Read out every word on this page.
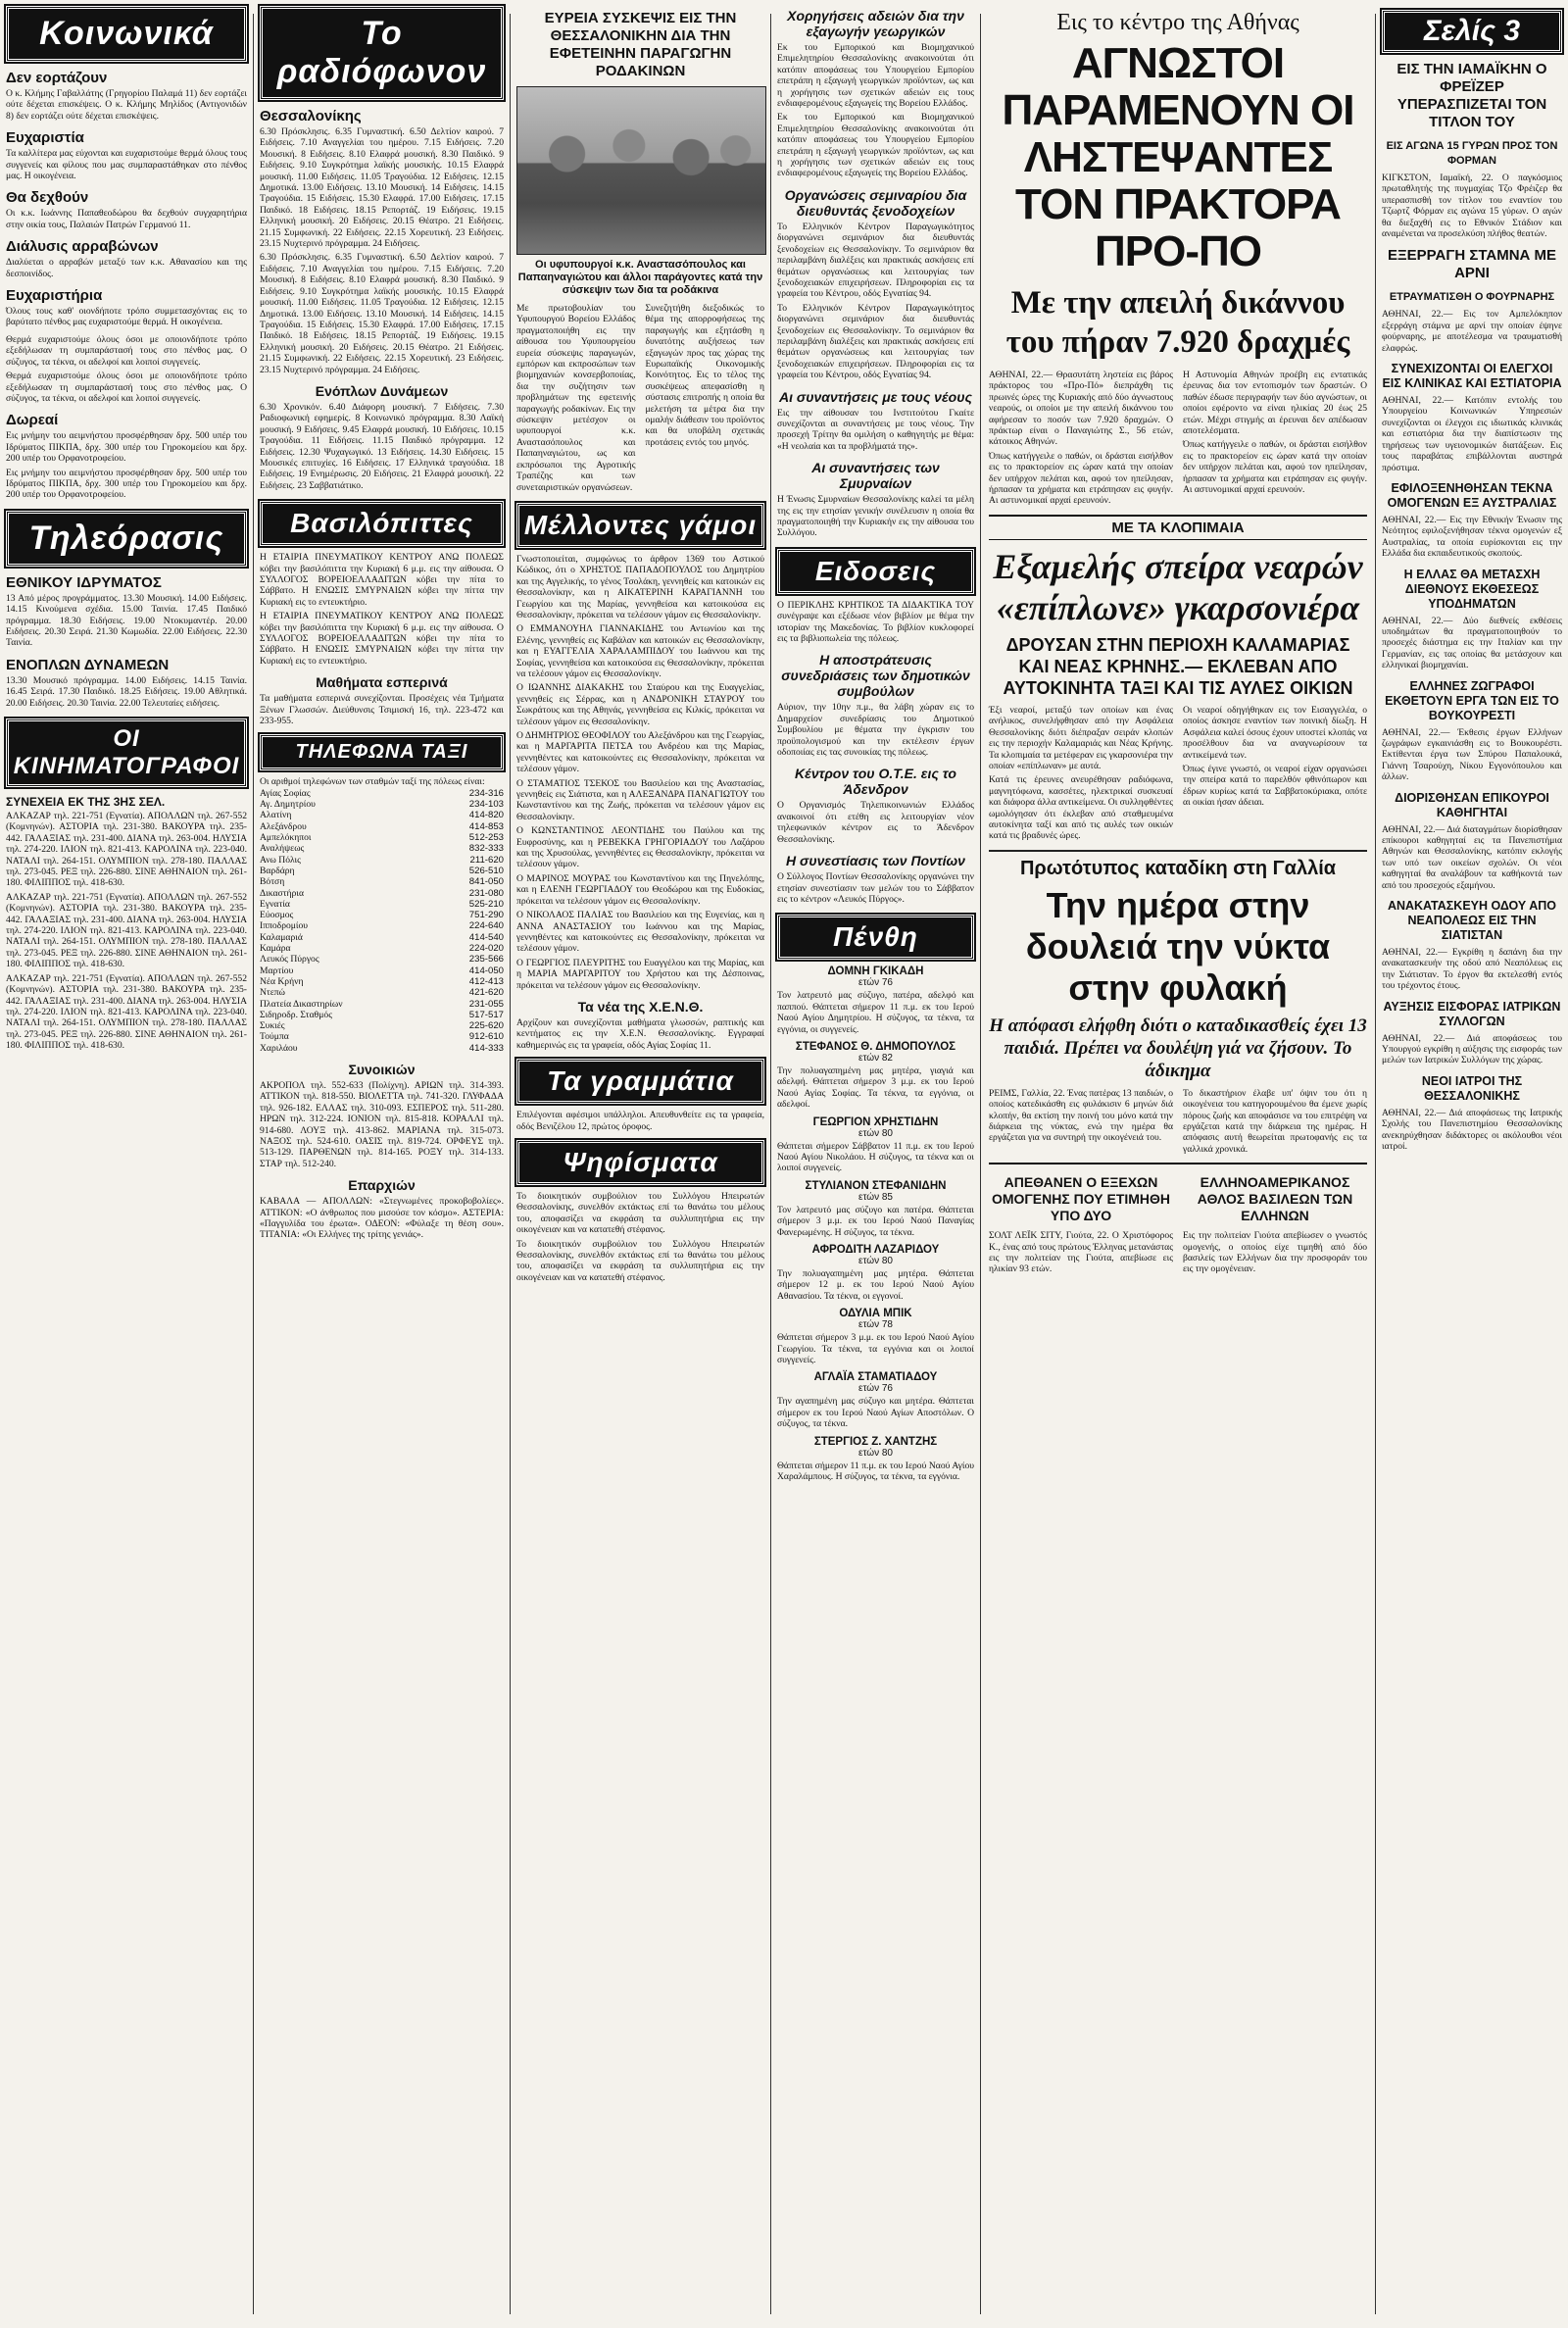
Κοινωνικά
Δεν εορτάζουν

Ο κ. Κλήμης Γαβαλλάτης (Γρηγορίου Παλαμά 11) δεν εορτάζει ούτε δέχεται επισκέψεις. Ο κ. Κλήμης Μηλίδος (Αντιγονιδών 8) δεν εορτάζει ούτε δέχεται επισκέψεις.

Ευχαριστία

Τα καλλίτερα μας εύχονται και ευχαριστούμε θερμά όλους τους συγγενείς και φίλους που μας συμπαραστάθηκαν στο πένθος μας. Η οικογένεια.

Θα δεχθούν

Οι κ.κ. Ιωάννης Παπαθεοδώρου θα δεχθούν συγχαρητήρια στην οικία τους, Παλαιών Πατρών Γερμανού 11.

Διάλυσις αρραβώνων

Διαλύεται ο αρραβών μεταξύ των κ.κ. Αθανασίου και της δεσποινίδος.

Ευχαριστήρια

Όλους τους καθ' οιονδήποτε τρόπο συμμετασχόντας εις το βαρύτατο πένθος μας ευχαριστούμε θερμά. Η οικογένεια.

Θερμά ευχαριστούμε όλους όσοι με οποιονδήποτε τρόπο εξεδήλωσαν τη συμπαράστασή τους στο πένθος μας. Ο σύζυγος, τα τέκνα, οι αδελφοί και λοιποί συγγενείς.

Θερμά ευχαριστούμε όλους όσοι με οποιονδήποτε τρόπο εξεδήλωσαν τη συμπαράστασή τους στο πένθος μας. Ο σύζυγος, τα τέκνα, οι αδελφοί και λοιποί συγγενείς.

Δωρεαί

Εις μνήμην του αειμνήστου προσφέρθησαν δρχ. 500 υπέρ του Ιδρύματος ΠΙΚΠΑ, δρχ. 300 υπέρ του Γηροκομείου και δρχ. 200 υπέρ του Ορφανοτροφείου.

Εις μνήμην του αειμνήστου προσφέρθησαν δρχ. 500 υπέρ του Ιδρύματος ΠΙΚΠΑ, δρχ. 300 υπέρ του Γηροκομείου και δρχ. 200 υπέρ του Ορφανοτροφείου.

Τηλεόρασις
ΕΘΝΙΚΟΥ ΙΔΡΥΜΑΤΟΣ

13 Από μέρος προγράμματος. 13.30 Μουσική. 14.00 Ειδήσεις. 14.15 Κινούμενα σχέδια. 15.00 Ταινία. 17.45 Παιδικό πρόγραμμα. 18.30 Ειδήσεις. 19.00 Ντοκυμαντέρ. 20.00 Ειδήσεις. 20.30 Σειρά. 21.30 Κωμωδία. 22.00 Ειδήσεις. 22.30 Ταινία.

ΕΝΟΠΛΩΝ ΔΥΝΑΜΕΩΝ

13.30 Μουσικό πρόγραμμα. 14.00 Ειδήσεις. 14.15 Ταινία. 16.45 Σειρά. 17.30 Παιδικό. 18.25 Ειδήσεις. 19.00 Αθλητικά. 20.00 Ειδήσεις. 20.30 Ταινία. 22.00 Τελευταίες ειδήσεις.

ΟΙ ΚΙΝΗΜΑΤΟΓΡΑΦΟΙ
ΣΥΝΕΧΕΙΑ ΕΚ ΤΗΣ 3ΗΣ ΣΕΛ.

ΑΛΚΑΖΑΡ τηλ. 221-751 (Εγνατία). ΑΠΟΛΛΩΝ τηλ. 267-552 (Κομνηνών). ΑΣΤΟΡΙΑ τηλ. 231-380. ΒΑΚΟΥΡΑ τηλ. 235-442. ΓΑΛΑΞΙΑΣ τηλ. 231-400. ΔΙΑΝΑ τηλ. 263-004. ΗΛΥΣΙΑ τηλ. 274-220. ΙΛΙΟΝ τηλ. 821-413. ΚΑΡΟΛΙΝΑ τηλ. 223-040. ΝΑΤΑΛΙ τηλ. 264-151. ΟΛΥΜΠΙΟΝ τηλ. 278-180. ΠΑΛΛΑΣ τηλ. 273-045. ΡΕΞ τηλ. 226-880. ΣΙΝΕ ΑΘΗΝΑΙΟΝ τηλ. 261-180. ΦΙΛΙΠΠΟΣ τηλ. 418-630.

ΑΛΚΑΖΑΡ τηλ. 221-751 (Εγνατία). ΑΠΟΛΛΩΝ τηλ. 267-552 (Κομνηνών). ΑΣΤΟΡΙΑ τηλ. 231-380. ΒΑΚΟΥΡΑ τηλ. 235-442. ΓΑΛΑΞΙΑΣ τηλ. 231-400. ΔΙΑΝΑ τηλ. 263-004. ΗΛΥΣΙΑ τηλ. 274-220. ΙΛΙΟΝ τηλ. 821-413. ΚΑΡΟΛΙΝΑ τηλ. 223-040. ΝΑΤΑΛΙ τηλ. 264-151. ΟΛΥΜΠΙΟΝ τηλ. 278-180. ΠΑΛΛΑΣ τηλ. 273-045. ΡΕΞ τηλ. 226-880. ΣΙΝΕ ΑΘΗΝΑΙΟΝ τηλ. 261-180. ΦΙΛΙΠΠΟΣ τηλ. 418-630.

ΑΛΚΑΖΑΡ τηλ. 221-751 (Εγνατία). ΑΠΟΛΛΩΝ τηλ. 267-552 (Κομνηνών). ΑΣΤΟΡΙΑ τηλ. 231-380. ΒΑΚΟΥΡΑ τηλ. 235-442. ΓΑΛΑΞΙΑΣ τηλ. 231-400. ΔΙΑΝΑ τηλ. 263-004. ΗΛΥΣΙΑ τηλ. 274-220. ΙΛΙΟΝ τηλ. 821-413. ΚΑΡΟΛΙΝΑ τηλ. 223-040. ΝΑΤΑΛΙ τηλ. 264-151. ΟΛΥΜΠΙΟΝ τηλ. 278-180. ΠΑΛΛΑΣ τηλ. 273-045. ΡΕΞ τηλ. 226-880. ΣΙΝΕ ΑΘΗΝΑΙΟΝ τηλ. 261-180. ΦΙΛΙΠΠΟΣ τηλ. 418-630.

Το ραδιόφωνον
Θεσσαλονίκης

6.30 Πρόσκλησις. 6.35 Γυμναστική. 6.50 Δελτίον καιρού. 7 Ειδήσεις. 7.10 Αναγγελίαι του ημέρου. 7.15 Ειδήσεις. 7.20 Μουσική. 8 Ειδήσεις. 8.10 Ελαφρά μουσική. 8.30 Παιδικό. 9 Ειδήσεις. 9.10 Συγκρότημα λαϊκής μουσικής. 10.15 Ελαφρά μουσική. 11.00 Ειδήσεις. 11.05 Τραγούδια. 12 Ειδήσεις. 12.15 Δημοτικά. 13.00 Ειδήσεις. 13.10 Μουσική. 14 Ειδήσεις. 14.15 Τραγούδια. 15 Ειδήσεις. 15.30 Ελαφρά. 17.00 Ειδήσεις. 17.15 Παιδικό. 18 Ειδήσεις. 18.15 Ρεπορτάζ. 19 Ειδήσεις. 19.15 Ελληνική μουσική. 20 Ειδήσεις. 20.15 Θέατρο. 21 Ειδήσεις. 21.15 Συμφωνική. 22 Ειδήσεις. 22.15 Χορευτική. 23 Ειδήσεις. 23.15 Νυχτερινό πρόγραμμα. 24 Ειδήσεις.

6.30 Πρόσκλησις. 6.35 Γυμναστική. 6.50 Δελτίον καιρού. 7 Ειδήσεις. 7.10 Αναγγελίαι του ημέρου. 7.15 Ειδήσεις. 7.20 Μουσική. 8 Ειδήσεις. 8.10 Ελαφρά μουσική. 8.30 Παιδικό. 9 Ειδήσεις. 9.10 Συγκρότημα λαϊκής μουσικής. 10.15 Ελαφρά μουσική. 11.00 Ειδήσεις. 11.05 Τραγούδια. 12 Ειδήσεις. 12.15 Δημοτικά. 13.00 Ειδήσεις. 13.10 Μουσική. 14 Ειδήσεις. 14.15 Τραγούδια. 15 Ειδήσεις. 15.30 Ελαφρά. 17.00 Ειδήσεις. 17.15 Παιδικό. 18 Ειδήσεις. 18.15 Ρεπορτάζ. 19 Ειδήσεις. 19.15 Ελληνική μουσική. 20 Ειδήσεις. 20.15 Θέατρο. 21 Ειδήσεις. 21.15 Συμφωνική. 22 Ειδήσεις. 22.15 Χορευτική. 23 Ειδήσεις. 23.15 Νυχτερινό πρόγραμμα. 24 Ειδήσεις.

Ενόπλων Δυνάμεων

6.30 Χρονικόν. 6.40 Διάφορη μουσική. 7 Ειδήσεις. 7.30 Ραδιοφωνική εφημερίς. 8 Κοινωνικό πρόγραμμα. 8.30 Λαϊκή μουσική. 9 Ειδήσεις. 9.45 Ελαφρά μουσική. 10 Ειδήσεις. 10.15 Τραγούδια. 11 Ειδήσεις. 11.15 Παιδικό πρόγραμμα. 12 Ειδήσεις. 12.30 Ψυχαγωγικό. 13 Ειδήσεις. 14.30 Ειδήσεις. 15 Μουσικές επιτυχίες. 16 Ειδήσεις. 17 Ελληνικά τραγούδια. 18 Ειδήσεις. 19 Ενημέρωσις. 20 Ειδήσεις. 21 Ελαφρά μουσική. 22 Ειδήσεις. 23 Σαββατιάτικο.

Βασιλόπιττες

Η ΕΤΑΙΡΙΑ ΠΝΕΥΜΑΤΙΚΟΥ ΚΕΝΤΡΟΥ ΑΝΩ ΠΟΛΕΩΣ κόβει την βασιλόπιττα την Κυριακή 6 μ.μ. εις την αίθουσα. Ο ΣΥΛΛΟΓΟΣ ΒΟΡΕΙΟΕΛΛΑΔΙΤΩΝ κόβει την πίτα το Σάββατο. Η ΕΝΩΣΙΣ ΣΜΥΡΝΑΙΩΝ κόβει την πίττα την Κυριακή εις το εντευκτήριο.

Η ΕΤΑΙΡΙΑ ΠΝΕΥΜΑΤΙΚΟΥ ΚΕΝΤΡΟΥ ΑΝΩ ΠΟΛΕΩΣ κόβει την βασιλόπιττα την Κυριακή 6 μ.μ. εις την αίθουσα. Ο ΣΥΛΛΟΓΟΣ ΒΟΡΕΙΟΕΛΛΑΔΙΤΩΝ κόβει την πίτα το Σάββατο. Η ΕΝΩΣΙΣ ΣΜΥΡΝΑΙΩΝ κόβει την πίττα την Κυριακή εις το εντευκτήριο.

Μαθήματα εσπερινά

Τα μαθήματα εσπερινά συνεχίζονται. Προσέχεις νέα Τμήματα Ξένων Γλωσσών. Διεύθυνσις Τσιμισκή 16, τηλ. 223-472 και 233-955.

ΤΗΛΕΦΩΝΑ ΤΑΞΙ

Οι αριθμοί τηλεφώνων των σταθμών ταξί της πόλεως είναι:

Αγίας Σοφίας	234-316
Αγ. Δημητρίου	234-103
Αλατίνη	414-820
Αλεξάνδρου	414-853
Αμπελόκηποι	512-253
Αναλήψεως	832-333
Ανω Πόλις	211-620
Βαρδάρη	526-510
Βότση	841-050
Δικαστήρια	231-080
Εγνατία	525-210
Εύοσμος	751-290
Ιπποδρομίου	224-640
Καλαμαριά	414-540
Καμάρα	224-020
Λευκός Πύργος	235-566
Μαρτίου	414-050
Νέα Κρήνη	412-413
Ντεπώ	421-620
Πλατεία Δικαστηρίων	231-055
Σιδηροδρ. Σταθμός	517-517
Συκιές	225-620
Τούμπα	912-610
Χαριλάου	414-333
Συνοικιών

ΑΚΡΟΠΟΛ τηλ. 552-633 (Πολίχνη). ΑΡΙΩΝ τηλ. 314-393. ΑΤΤΙΚΟΝ τηλ. 818-550. ΒΙΟΛΕΤΤΑ τηλ. 741-320. ΓΛΥΦΑΔΑ τηλ. 926-182. ΕΛΛΑΣ τηλ. 310-093. ΕΣΠΕΡΟΣ τηλ. 511-280. ΗΡΩΝ τηλ. 312-224. ΙΟΝΙΟΝ τηλ. 815-818. ΚΟΡΑΛΛΙ τηλ. 914-680. ΛΟΥΞ τηλ. 413-862. ΜΑΡΙΑΝΑ τηλ. 315-073. ΝΑΞΟΣ τηλ. 524-610. ΟΑΣΙΣ τηλ. 819-724. ΟΡΦΕΥΣ τηλ. 513-129. ΠΑΡΘΕΝΩΝ τηλ. 814-165. ΡΟΞΥ τηλ. 314-133. ΣΤΑΡ τηλ. 512-240.

Επαρχιών

ΚΑΒΑΛΑ — ΑΠΟΛΛΩΝ: «Στεγνωμένες προκοβοβολίες». ΑΤΤΙΚΟΝ: «Ο άνθρωπος που μισούσε τον κόσμο». ΑΣΤΕΡΙΑ: «Παγγυλίδα του έρωτα». ΟΔΕΟΝ: «Φύλαξε τη θέση σου». ΤΙΤΑΝΙΑ: «Οι Ελλήνες της τρίτης γενιάς».

ΕΥΡΕΙΑ ΣΥΣΚΕΨΙΣ ΕΙΣ ΤΗΝ ΘΕΣΣΑΛΟΝΙΚΗΝ ΔΙΑ ΤΗΝ ΕΦΕΤΕΙΝΗΝ ΠΑΡΑΓΩΓΗΝ ΡΟΔΑΚΙΝΩΝ
Οι υφυπουργοί κ.κ. Αναστασόπουλος και Παπαηναγιώτου και άλλοι παράγοντες κατά την σύσκεψιν των δια τα ροδάκινα

Με πρωτοβουλίαν του Υφυπουργού Βορείου Ελλάδος πραγματοποιήθη εις την αίθουσα του Υφυπουργείου ευρεία σύσκεψις παραγωγών, εμπόρων και εκπροσώπων των βιομηχανιών κονσερβοποιίας, δια την συζήτησιν των προβλημάτων της εφετεινής παραγωγής ροδακίνων. Εις την σύσκεψιν μετέσχον οι υφυπουργοί κ.κ. Αναστασόπουλος και Παπαηναγιώτου, ως και εκπρόσωποι της Αγροτικής Τραπέζης και των συνεταιριστικών οργανώσεων.

Συνεζητήθη διεξοδικώς το θέμα της απορροφήσεως της παραγωγής και εξητάσθη η δυνατότης αυξήσεως των εξαγωγών προς τας χώρας της Ευρωπαϊκής Οικονομικής Κοινότητος. Εις το τέλος της συσκέψεως απεφασίσθη η σύστασις επιτροπής η οποία θα μελετήση τα μέτρα δια την ομαλήν διάθεσιν του προϊόντος και θα υποβάλη σχετικάς προτάσεις εντός του μηνός.

Μέλλοντες γάμοι

Γνωστοποιείται, συμφώνως το άρθρον 1369 του Αστικού Κώδικος, ότι ο ΧΡΗΣΤΟΣ ΠΑΠΑΔΟΠΟΥΛΟΣ του Δημητρίου και της Αγγελικής, το γένος Τσολάκη, γεννηθείς και κατοικών εις Θεσσαλονίκην, και η ΑΙΚΑΤΕΡΙΝΗ ΚΑΡΑΓΙΑΝΝΗ του Γεωργίου και της Μαρίας, γεννηθείσα και κατοικούσα εις Θεσσαλονίκην, πρόκειται να τελέσουν γάμον εις Θεσσαλονίκην.

Ο ΕΜΜΑΝΟΥΗΛ ΓΙΑΝΝΑΚΙΔΗΣ του Αντωνίου και της Ελένης, γεννηθείς εις Καβάλαν και κατοικών εις Θεσσαλονίκην, και η ΕΥΑΓΓΕΛΙΑ ΧΑΡΑΛΑΜΠΙΔΟΥ του Ιωάννου και της Σοφίας, γεννηθείσα και κατοικούσα εις Θεσσαλονίκην, πρόκειται να τελέσουν γάμον εις Θεσσαλονίκην.

Ο ΙΩΑΝΝΗΣ ΔΙΑΚΑΚΗΣ του Σταύρου και της Ευαγγελίας, γεννηθείς εις Σέρρας, και η ΑΝΔΡΟΝΙΚΗ ΣΤΑΥΡΟΥ του Σωκράτους και της Αθηνάς, γεννηθείσα εις Κιλκίς, πρόκειται να τελέσουν γάμον εις Θεσσαλονίκην.

Ο ΔΗΜΗΤΡΙΟΣ ΘΕΟΦΙΛΟΥ του Αλεξάνδρου και της Γεωργίας, και η ΜΑΡΓΑΡΙΤΑ ΠΕΤΣΑ του Ανδρέου και της Μαρίας, γεννηθέντες και κατοικούντες εις Θεσσαλονίκην, πρόκειται να τελέσουν γάμον.

Ο ΣΤΑΜΑΤΙΟΣ ΤΣΕΚΟΣ του Βασιλείου και της Αναστασίας, γεννηθείς εις Σιάτιστα, και η ΑΛΕΞΑΝΔΡΑ ΠΑΝΑΓΙΩΤΟΥ του Κωνσταντίνου και της Ζωής, πρόκειται να τελέσουν γάμον εις Θεσσαλονίκην.

Ο ΚΩΝΣΤΑΝΤΙΝΟΣ ΛΕΟΝΤΙΔΗΣ του Παύλου και της Ευφροσύνης, και η ΡΕΒΕΚΚΑ ΓΡΗΓΟΡΙΑΔΟΥ του Λαζάρου και της Χρυσούλας, γεννηθέντες εις Θεσσαλονίκην, πρόκειται να τελέσουν γάμον.

Ο ΜΑΡΙΝΟΣ ΜΟΥΡΑΣ του Κωνσταντίνου και της Πηνελόπης, και η ΕΛΕΝΗ ΓΕΩΡΓΙΑΔΟΥ του Θεοδώρου και της Ευδοκίας, πρόκειται να τελέσουν γάμον εις Θεσσαλονίκην.

Ο ΝΙΚΟΛΑΟΣ ΠΑΛΙΑΣ του Βασιλείου και της Ευγενίας, και η ΑΝΝΑ ΑΝΑΣΤΑΣΙΟΥ του Ιωάννου και της Μαρίας, γεννηθέντες και κατοικούντες εις Θεσσαλονίκην, πρόκειται να τελέσουν γάμον.

Ο ΓΕΩΡΓΙΟΣ ΠΛΕΥΡΙΤΗΣ του Ευαγγέλου και της Μαρίας, και η ΜΑΡΙΑ ΜΑΡΓΑΡΙΤΟΥ του Χρήστου και της Δέσποινας, πρόκειται να τελέσουν γάμον εις Θεσσαλονίκην.

Τα νέα της Χ.Ε.Ν.Θ.

Αρχίζουν και συνεχίζονται μαθήματα γλωσσών, ραπτικής και κεντήματος εις την Χ.Ε.Ν. Θεσσαλονίκης. Εγγραφαί καθημερινώς εις τα γραφεία, οδός Αγίας Σοφίας 11.

Τα γραμμάτια

Επιλέγονται αφέσιμοι υπάλληλοι. Απευθυνθείτε εις τα γραφεία, οδός Βενιζέλου 12, πρώτος όροφος.

Ψηφίσματα

Το διοικητικόν συμβούλιον του Συλλόγου Ηπειρωτών Θεσσαλονίκης, συνελθόν εκτάκτως επί τω θανάτω του μέλους του, αποφασίζει να εκφράση τα συλλυπητήρια εις την οικογένειαν και να κατατεθή στέφανος.

Το διοικητικόν συμβούλιον του Συλλόγου Ηπειρωτών Θεσσαλονίκης, συνελθόν εκτάκτως επί τω θανάτω του μέλους του, αποφασίζει να εκφράση τα συλλυπητήρια εις την οικογένειαν και να κατατεθή στέφανος.

Χορηγήσεις αδειών δια την εξαγωγήν γεωργικών

Εκ του Εμπορικού και Βιομηχανικού Επιμελητηρίου Θεσσαλονίκης ανακοινούται ότι κατόπιν αποφάσεως του Υπουργείου Εμπορίου επετράπη η εξαγωγή γεωργικών προϊόντων, ως και η χορήγησις των σχετικών αδειών εις τους ενδιαφερομένους εξαγωγείς της Βορείου Ελλάδος.

Εκ του Εμπορικού και Βιομηχανικού Επιμελητηρίου Θεσσαλονίκης ανακοινούται ότι κατόπιν αποφάσεως του Υπουργείου Εμπορίου επετράπη η εξαγωγή γεωργικών προϊόντων, ως και η χορήγησις των σχετικών αδειών εις τους ενδιαφερομένους εξαγωγείς της Βορείου Ελλάδος.

Οργανώσεις σεμιναρίου δια διευθυντάς ξενοδοχείων

Το Ελληνικόν Κέντρον Παραγωγικότητος διοργανώνει σεμινάριον δια διευθυντάς ξενοδοχείων εις Θεσσαλονίκην. Το σεμινάριον θα περιλαμβάνη διαλέξεις και πρακτικάς ασκήσεις επί θεμάτων οργανώσεως και λειτουργίας των ξενοδοχειακών επιχειρήσεων. Πληροφορίαι εις τα γραφεία του Κέντρου, οδός Εγνατίας 94.

Το Ελληνικόν Κέντρον Παραγωγικότητος διοργανώνει σεμινάριον δια διευθυντάς ξενοδοχείων εις Θεσσαλονίκην. Το σεμινάριον θα περιλαμβάνη διαλέξεις και πρακτικάς ασκήσεις επί θεμάτων οργανώσεως και λειτουργίας των ξενοδοχειακών επιχειρήσεων. Πληροφορίαι εις τα γραφεία του Κέντρου, οδός Εγνατίας 94.

Αι συναντήσεις με τους νέους

Εις την αίθουσαν του Ινστιτούτου Γκαίτε συνεχίζονται αι συναντήσεις με τους νέους. Την προσεχή Τρίτην θα ομιλήση ο καθηγητής με θέμα: «Η νεολαία και τα προβλήματά της».

Αι συναντήσεις των Σμυρναίων

Η Ένωσις Σμυρναίων Θεσσαλονίκης καλεί τα μέλη της εις την ετησίαν γενικήν συνέλευσιν η οποία θα πραγματοποιηθή την Κυριακήν εις την αίθουσα του Συλλόγου.

Ειδοσεις

Ο ΠΕΡΙΚΛΗΣ ΚΡΗΤΙΚΟΣ ΤΑ ΔΙΔΑΚΤΙΚΑ ΤΟΥ συνέγραψε και εξέδωσε νέον βιβλίον με θέμα την ιστορίαν της Μακεδονίας. Το βιβλίον κυκλοφορεί εις τα βιβλιοπωλεία της πόλεως.

Η αποστράτευσις συνεδριάσεις των δημοτικών συμβούλων

Αύριον, την 10ην π.μ., θα λάβη χώραν εις το Δημαρχείον συνεδρίασις του Δημοτικού Συμβουλίου με θέματα την έγκρισιν του προϋπολογισμού και την εκτέλεσιν έργων οδοποιίας εις τας συνοικίας της πόλεως.

Κέντρον του Ο.Τ.Ε. εις το Άδενδρον

Ο Οργανισμός Τηλεπικοινωνιών Ελλάδος ανακοινοί ότι ετέθη εις λειτουργίαν νέον τηλεφωνικόν κέντρον εις το Άδενδρον Θεσσαλονίκης.

Η συνεστίασις των Ποντίων

Ο Σύλλογος Ποντίων Θεσσαλονίκης οργανώνει την ετησίαν συνεστίασιν των μελών του το Σάββατον εις το κέντρον «Λευκός Πύργος».

Πένθη
ΔΟΜΝΗ ΓΚΙΚΑΔΗ
ετών 76

Τον λατρευτό μας σύζυγο, πατέρα, αδελφό και παππού. Θάπτεται σήμερον 11 π.μ. εκ του Ιερού Ναού Αγίου Δημητρίου. Η σύζυγος, τα τέκνα, τα εγγόνια, οι συγγενείς.

ΣΤΕΦΑΝΟΣ Θ. ΔΗΜΟΠΟΥΛΟΣ
ετών 82

Την πολυαγαπημένη μας μητέρα, γιαγιά και αδελφή. Θάπτεται σήμερον 3 μ.μ. εκ του Ιερού Ναού Αγίας Σοφίας. Τα τέκνα, τα εγγόνια, οι αδελφοί.

ΓΕΩΡΓΙΟΝ ΧΡΗΣΤΙΔΗΝ
ετών 80

Θάπτεται σήμερον Σάββατον 11 π.μ. εκ του Ιερού Ναού Αγίου Νικολάου. Η σύζυγος, τα τέκνα και οι λοιποί συγγενείς.

ΣΤΥΛΙΑΝΟΝ ΣΤΕΦΑΝΙΔΗΝ
ετών 85

Τον λατρευτό μας σύζυγο και πατέρα. Θάπτεται σήμερον 3 μ.μ. εκ του Ιερού Ναού Παναγίας Φανερωμένης. Η σύζυγος, τα τέκνα.

ΑΦΡΟΔΙΤΗ ΛΑΖΑΡΙΔΟΥ
ετών 80

Την πολυαγαπημένη μας μητέρα. Θάπτεται σήμερον 12 μ. εκ του Ιερού Ναού Αγίου Αθανασίου. Τα τέκνα, οι εγγονοί.

ΟΔΥΛΙΑ ΜΠΙΚ
ετών 78

Θάπτεται σήμερον 3 μ.μ. εκ του Ιερού Ναού Αγίου Γεωργίου. Τα τέκνα, τα εγγόνια και οι λοιποί συγγενείς.

ΑΓΛΑΪΑ ΣΤΑΜΑΤΙΑΔΟΥ
ετών 76

Την αγαπημένη μας σύζυγο και μητέρα. Θάπτεται σήμερον εκ του Ιερού Ναού Αγίων Αποστόλων. Ο σύζυγος, τα τέκνα.

ΣΤΕΡΓΙΟΣ Ζ. ΧΑΝΤΖΗΣ
ετών 80

Θάπτεται σήμερον 11 π.μ. εκ του Ιερού Ναού Αγίου Χαραλάμπους. Η σύζυγος, τα τέκνα, τα εγγόνια.

Εις το κέντρο της Αθήνας
ΑΓΝΩΣΤΟΙ ΠΑΡΑΜΕΝΟΥΝ ΟΙ ΛΗΣΤΕΨΑΝΤΕΣ ΤΟΝ ΠΡΑΚΤΟΡΑ ΠΡΟ-ΠΟ
Με την απειλή δικάννου του πήραν 7.920 δραχμές

ΑΘΗΝΑΙ, 22.— Θρασυτάτη ληστεία εις βάρος πράκτορος του «Προ-Πό» διεπράχθη τις πρωινές ώρες της Κυριακής από δύο άγνωστους νεαρούς, οι οποίοι με την απειλή δικάννου του αφήρεσαν το ποσόν των 7.920 δραχμών. Ο πράκτωρ είναι ο Παναγιώτης Σ., 56 ετών, κάτοικος Αθηνών.

Όπως κατήγγειλε ο παθών, οι δράσται εισήλθον εις το πρακτορείον εις ώραν κατά την οποίαν δεν υπήρχον πελάται και, αφού τον ηπείλησαν, ήρπασαν τα χρήματα και ετράπησαν εις φυγήν. Αι αστυνομικαί αρχαί ερευνούν.

Η Αστυνομία Αθηνών προέβη εις εντατικάς έρευνας δια τον εντοπισμόν των δραστών. Ο παθών έδωσε περιγραφήν των δύο αγνώστων, οι οποίοι εφέροντο να είναι ηλικίας 20 έως 25 ετών. Μέχρι στιγμής αι έρευναι δεν απέδωσαν αποτελέσματα.

Όπως κατήγγειλε ο παθών, οι δράσται εισήλθον εις το πρακτορείον εις ώραν κατά την οποίαν δεν υπήρχον πελάται και, αφού τον ηπείλησαν, ήρπασαν τα χρήματα και ετράπησαν εις φυγήν. Αι αστυνομικαί αρχαί ερευνούν.

ΜΕ ΤΑ ΚΛΟΠΙΜΑΙΑ
Εξαμελής σπείρα νεαρών «επίπλωνε» γκαρσονιέρα
ΔΡΟΥΣΑΝ ΣΤΗΝ ΠΕΡΙΟΧΗ ΚΑΛΑΜΑΡΙΑΣ ΚΑΙ ΝΕΑΣ ΚΡΗΝΗΣ.— ΕΚΛΕΒΑΝ ΑΠΟ ΑΥΤΟΚΙΝΗΤΑ ΤΑΞΙ ΚΑΙ ΤΙΣ ΑΥΛΕΣ ΟΙΚΙΩΝ

Έξι νεαροί, μεταξύ των οποίων και ένας ανήλικος, συνελήφθησαν από την Ασφάλεια Θεσσαλονίκης διότι διέπραξαν σειράν κλοπών εις την περιοχήν Καλαμαριάς και Νέας Κρήνης. Τα κλοπιμαία τα μετέφεραν εις γκαρσονιέρα την οποίαν «επίπλωναν» με αυτά.

Κατά τις έρευνες ανευρέθησαν ραδιόφωνα, μαγνητόφωνα, κασσέτες, ηλεκτρικαί συσκευαί και διάφορα άλλα αντικείμενα. Οι συλληφθέντες ωμολόγησαν ότι έκλεβαν από σταθμευμένα αυτοκίνητα ταξί και από τις αυλές των οικιών κατά τις βραδυνές ώρες.

Οι νεαροί οδηγήθηκαν εις τον Εισαγγελέα, ο οποίος άσκησε εναντίον των ποινική δίωξη. Η Ασφάλεια καλεί όσους έχουν υποστεί κλοπάς να προσέλθουν δια να αναγνωρίσουν τα αντικείμενά των.

Όπως έγινε γνωστό, οι νεαροί είχαν οργανώσει την σπείρα κατά το παρελθόν φθινόπωρον και έδρων κυρίως κατά τα Σαββατοκύριακα, οπότε αι οικίαι ήσαν άδειαι.

Πρωτότυπος καταδίκη στη Γαλλία
Την ημέρα στην δουλειά την νύκτα στην φυλακή
Η απόφασι ελήφθη διότι ο καταδικασθείς έχει 13 παιδιά. Πρέπει να δουλέψη γιά να ζήσουν. Το άδικημα

ΡΕΙΜΣ, Γαλλία, 22. Ένας πατέρας 13 παιδιών, ο οποίος κατεδικάσθη εις φυλάκισιν 6 μηνών διά κλοπήν, θα εκτίση την ποινή του μόνο κατά την διάρκεια της νύκτας, ενώ την ημέρα θα εργάζεται για να συντηρή την οικογένειά του.

Το δικαστήριον έλαβε υπ' όψιν του ότι η οικογένεια του κατηγορουμένου θα έμενε χωρίς πόρους ζωής και αποφάσισε να του επιτρέψη να εργάζεται κατά την διάρκεια της ημέρας. Η απόφασις αυτή θεωρείται πρωτοφανής εις τα γαλλικά χρονικά.

ΑΠΕΘΑΝΕΝ Ο ΕΞΕΧΩΝ ΟΜΟΓΕΝΗΣ ΠΟΥ ΕΤΙΜΗΘΗ ΥΠΟ ΔΥΟ

ΣΟΛΤ ΛΕΪΚ ΣΙΤΥ, Γιούτα, 22. Ο Χριστόφορος Κ., ένας από τους πρώτους Έλληνας μετανάστας εις την πολιτείαν της Γιούτα, απεβίωσε εις ηλικίαν 93 ετών.

ΕΛΛΗΝΟΑΜΕΡΙΚΑΝΟΣ ΑΘΛΟΣ ΒΑΣΙΛΕΩΝ ΤΩΝ ΕΛΛΗΝΩΝ

Εις την πολιτείαν Γιούτα απεβίωσεν ο γνωστός ομογενής, ο οποίος είχε τιμηθή από δύο βασιλείς των Ελλήνων δια την προσφοράν του εις την ομογένειαν.

Σελίς 3
ΕΙΣ ΤΗΝ ΙΑΜΑΪΚΗΝ Ο ΦΡΕΪΖΕΡ ΥΠΕΡΑΣΠΙΖΕΤΑΙ ΤΟΝ ΤΙΤΛΟΝ ΤΟΥ
ΕΙΣ ΑΓΩΝΑ 15 ΓΥΡΩΝ ΠΡΟΣ ΤΟΝ ΦΟΡΜΑΝ

ΚΙΓΚΣΤΟΝ, Ιαμαϊκή, 22. Ο παγκόσμιος πρωταθλητής της πυγμαχίας Τζο Φρέιζερ θα υπερασπισθή τον τίτλον του εναντίον του Τζωρτζ Φόρμαν εις αγώνα 15 γύρων. Ο αγών θα διεξαχθή εις το Εθνικόν Στάδιον και αναμένεται να προσελκύση πλήθος θεατών.

ΕΞΕΡΡΑΓΗ ΣΤΑΜΝΑ ΜΕ ΑΡΝΙ
ΕΤΡΑΥΜΑΤΙΣΘΗ Ο ΦΟΥΡΝΑΡΗΣ

ΑΘΗΝΑΙ, 22.— Εις τον Αμπελόκηπον εξερράγη στάμνα με αρνί την οποίαν έψηνε φούρναρης, με αποτέλεσμα να τραυματισθή ελαφρώς.

ΣΥΝΕΧΙΖΟΝΤΑΙ ΟΙ ΕΛΕΓΧΟΙ ΕΙΣ ΚΛΙΝΙΚΑΣ ΚΑΙ ΕΣΤΙΑΤΟΡΙΑ

ΑΘΗΝΑΙ, 22.— Κατόπιν εντολής του Υπουργείου Κοινωνικών Υπηρεσιών συνεχίζονται οι έλεγχοι εις ιδιωτικάς κλινικάς και εστιατόρια δια την διαπίστωσιν της τηρήσεως των υγειονομικών διατάξεων. Εις τους παραβάτας επιβάλλονται αυστηρά πρόστιμα.

ΕΦΙΛΟΞΕΝΗΘΗΣΑΝ ΤΕΚΝΑ ΟΜΟΓΕΝΩΝ ΕΞ ΑΥΣΤΡΑΛΙΑΣ

ΑΘΗΝΑΙ, 22.— Εις την Εθνικήν Ένωσιν της Νεότητος εφιλοξενήθησαν τέκνα ομογενών εξ Αυστραλίας, τα οποία ευρίσκονται εις την Ελλάδα δια εκπαιδευτικούς σκοπούς.

Η ΕΛΛΑΣ ΘΑ ΜΕΤΑΣΧΗ ΔΙΕΘΝΟΥΣ ΕΚΘΕΣΕΩΣ ΥΠΟΔΗΜΑΤΩΝ

ΑΘΗΝΑΙ, 22.— Δύο διεθνείς εκθέσεις υποδημάτων θα πραγματοποιηθούν το προσεχές διάστημα εις την Ιταλίαν και την Γερμανίαν, εις τας οποίας θα μετάσχουν και ελληνικαί βιομηχανίαι.

ΕΛΛΗΝΕΣ ΖΩΓΡΑΦΟΙ ΕΚΘΕΤΟΥΝ ΕΡΓΑ ΤΩΝ ΕΙΣ ΤΟ ΒΟΥΚΟΥΡΕΣΤΙ

ΑΘΗΝΑΙ, 22.— Έκθεσις έργων Ελλήνων ζωγράφων εγκαινιάσθη εις το Βουκουρέστι. Εκτίθενται έργα των Σπύρου Παπαλουκά, Γιάννη Τσαρούχη, Νίκου Εγγονόπουλου και άλλων.

ΔΙΟΡΙΣΘΗΣΑΝ ΕΠΙΚΟΥΡΟΙ ΚΑΘΗΓΗΤΑΙ

ΑΘΗΝΑΙ, 22.— Διά διαταγμάτων διορίσθησαν επίκουροι καθηγηταί εις τα Πανεπιστήμια Αθηνών και Θεσσαλονίκης, κατόπιν εκλογής των υπό των οικείων σχολών. Οι νέοι καθηγηταί θα αναλάβουν τα καθήκοντά των από του προσεχούς εξαμήνου.

ΑΝΑΚΑΤΑΣΚΕΥΗ ΟΔΟΥ ΑΠΟ ΝΕΑΠΟΛΕΩΣ ΕΙΣ ΤΗΝ ΣΙΑΤΙΣΤΑΝ

ΑΘΗΝΑΙ, 22.— Εγκρίθη η δαπάνη δια την ανακατασκευήν της οδού από Νεαπόλεως εις την Σιάτισταν. Το έργον θα εκτελεσθή εντός του τρέχοντος έτους.

ΑΥΞΗΣΙΣ ΕΙΣΦΟΡΑΣ ΙΑΤΡΙΚΩΝ ΣΥΛΛΟΓΩΝ

ΑΘΗΝΑΙ, 22.— Διά αποφάσεως του Υπουργού εγκρίθη η αύξησις της εισφοράς των μελών των Ιατρικών Συλλόγων της χώρας.

ΝΕΟΙ ΙΑΤΡΟΙ ΤΗΣ ΘΕΣΣΑΛΟΝΙΚΗΣ

ΑΘΗΝΑΙ, 22.— Διά αποφάσεως της Ιατρικής Σχολής του Πανεπιστημίου Θεσσαλονίκης ανεκηρύχθησαν διδάκτορες οι ακόλουθοι νέοι ιατροί.
